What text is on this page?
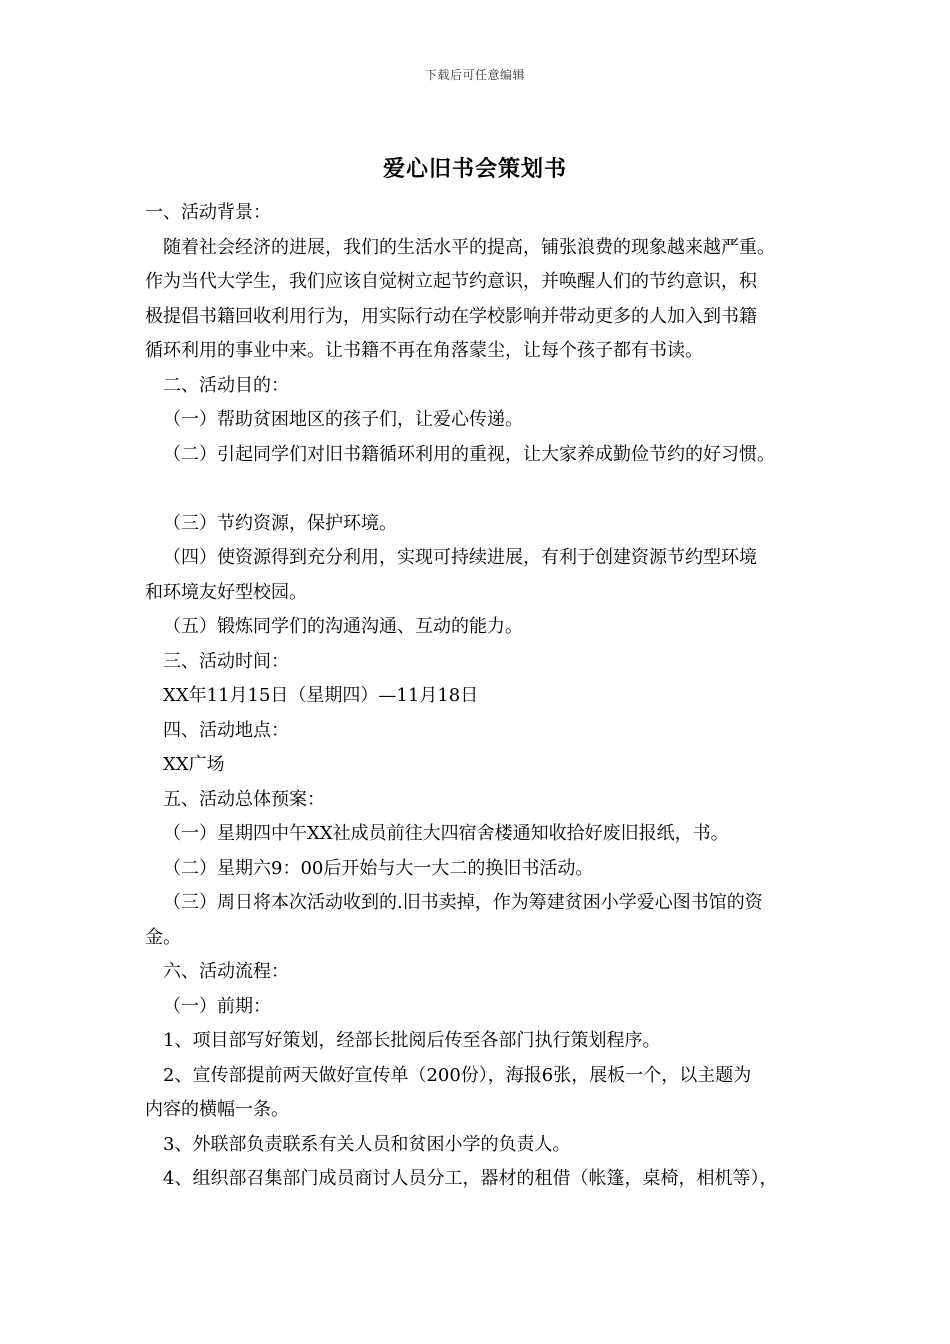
下载后可任意编辑
爱心旧书会策划书
一、活动背景：
随着社会经济的进展，我们的生活水平的提高，铺张浪费的现象越来越严重。
作为当代大学生，我们应该自觉树立起节约意识，并唤醒人们的节约意识，积
极提倡书籍回收利用行为，用实际行动在学校影响并带动更多的人加入到书籍
循环利用的事业中来。让书籍不再在角落蒙尘，让每个孩子都有书读。
二、活动目的：
（一）帮助贫困地区的孩子们，让爱心传递。
（二）引起同学们对旧书籍循环利用的重视，让大家养成勤俭节约的好习惯。
（三）节约资源，保护环境。
（四）使资源得到充分利用，实现可持续进展，有利于创建资源节约型环境
和环境友好型校园。
（五）锻炼同学们的沟通沟通、互动的能力。
三、活动时间：
XX年11月15日（星期四）—11月18日
四、活动地点：
XX广场
五、活动总体预案：
（一）星期四中午XX社成员前往大四宿舍楼通知收拾好废旧报纸，书。
（二）星期六9：00后开始与大一大二的换旧书活动。
（三）周日将本次活动收到的.旧书卖掉，作为筹建贫困小学爱心图书馆的资
金。
六、活动流程：
（一）前期：
1、项目部写好策划，经部长批阅后传至各部门执行策划程序。
2、宣传部提前两天做好宣传单（200份），海报6张，展板一个，以主题为
内容的横幅一条。
3、外联部负责联系有关人员和贫困小学的负责人。
4、组织部召集部门成员商讨人员分工，器材的租借（帐篷，桌椅，相机等），
